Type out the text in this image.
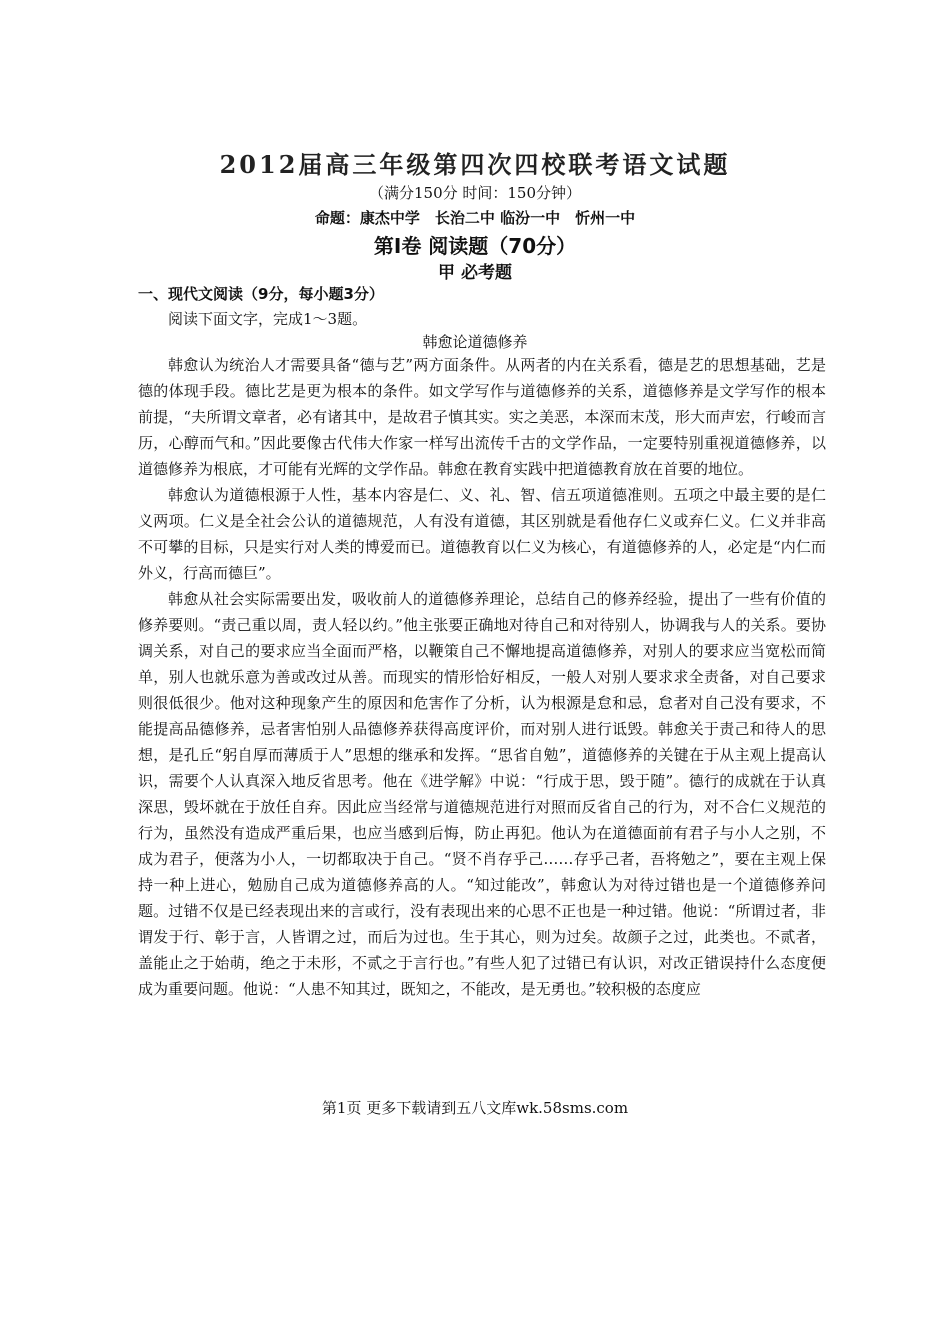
2012届高三年级第四次四校联考语文试题
（满分150分 时间：150分钟）
命题：康杰中学　长治二中 临汾一中　忻州一中
第I卷 阅读题（70分）
甲 必考题
一、现代文阅读（9分，每小题3分）
阅读下面文字，完成1～3题。
韩愈论道德修养

韩愈认为统治人才需要具备“德与艺”两方面条件。从两者的内在关系看，德是艺的思想基础，艺是德的体现手段。德比艺是更为根本的条件。如文学写作与道德修养的关系，道德修养是文学写作的根本前提，“夫所谓文章者，必有诸其中，是故君子慎其实。实之美恶，本深而末茂，形大而声宏，行峻而言历，心醇而气和。”因此要像古代伟大作家一样写出流传千古的文学作品，一定要特别重视道德修养，以道德修养为根底，才可能有光辉的文学作品。韩愈在教育实践中把道德教育放在首要的地位。

韩愈认为道德根源于人性，基本内容是仁、义、礼、智、信五项道德准则。五项之中最主要的是仁义两项。仁义是全社会公认的道德规范，人有没有道德，其区别就是看他存仁义或弃仁义。仁义并非高不可攀的目标，只是实行对人类的博爱而已。道德教育以仁义为核心，有道德修养的人，必定是“内仁而外义，行高而德巨”。

韩愈从社会实际需要出发，吸收前人的道德修养理论，总结自己的修养经验，提出了一些有价值的修养要则。“责己重以周，责人轻以约。”他主张要正确地对待自己和对待别人，协调我与人的关系。要协调关系，对自己的要求应当全面而严格，以鞭策自己不懈地提高道德修养，对别人的要求应当宽松而简单，别人也就乐意为善或改过从善。而现实的情形恰好相反，一般人对别人要求求全责备，对自己要求则很低很少。他对这种现象产生的原因和危害作了分析，认为根源是怠和忌，怠者对自己没有要求，不能提高品德修养，忌者害怕别人品德修养获得高度评价，而对别人进行诋毁。韩愈关于责己和待人的思想，是孔丘“躬自厚而薄质于人”思想的继承和发挥。“思省自勉”，道德修养的关键在于从主观上提高认识，需要个人认真深入地反省思考。他在《进学解》中说：“行成于思，毁于随”。德行的成就在于认真深思，毁坏就在于放任自弃。因此应当经常与道德规范进行对照而反省自己的行为，对不合仁义规范的行为，虽然没有造成严重后果，也应当感到后悔，防止再犯。他认为在道德面前有君子与小人之别，不成为君子，便落为小人，一切都取决于自己。“贤不肖存乎己……存乎己者，吾将勉之”，要在主观上保持一种上进心，勉励自己成为道德修养高的人。“知过能改”，韩愈认为对待过错也是一个道德修养问题。过错不仅是已经表现出来的言或行，没有表现出来的心思不正也是一种过错。他说：“所谓过者，非谓发于行、彰于言，人皆谓之过，而后为过也。生于其心，则为过矣。故颜子之过，此类也。不贰者，盖能止之于始萌，绝之于未形，不贰之于言行也。”有些人犯了过错已有认识，对改正错误持什么态度便成为重要问题。他说：“人患不知其过，既知之，不能改，是无勇也。”较积极的态度应

第1页 更多下载请到五八文库wk.58sms.com
